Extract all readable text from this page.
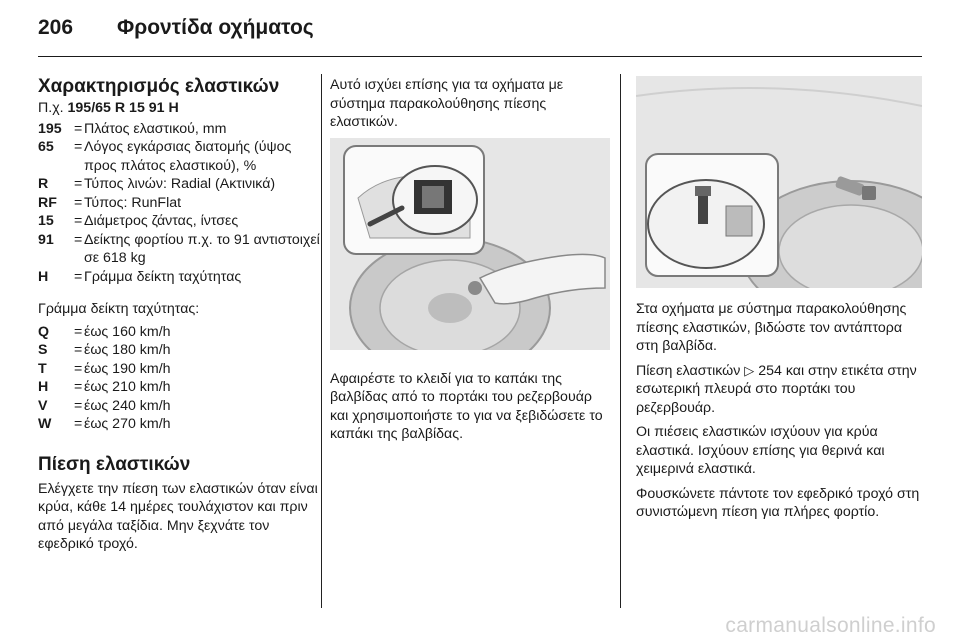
206	Φροντίδα οχήματος
Χαρακτηρισμός ελαστικών
Π.χ. 195/65 R 15 91 H
195 = Πλάτος ελαστικού, mm
65	= Λόγος εγκάρσιας διατομής (ύψος προς πλάτος ελαστικού), %
R	= Τύπος λινών: Radial (Ακτινικά)
RF	= Τύπος: RunFlat
15	= Διάμετρος ζάντας, ίντσες
91	= Δείκτης φορτίου π.χ. το 91 αντιστοιχεί σε 618 kg
H	= Γράμμα δείκτη ταχύτητας
Γράμμα δείκτη ταχύτητας:
Q	= έως 160 km/h
S	= έως 180 km/h
T	= έως 190 km/h
H	= έως 210 km/h
V	= έως 240 km/h
W	= έως 270 km/h
Πίεση ελαστικών
Ελέγχετε την πίεση των ελαστικών όταν είναι κρύα, κάθε 14 ημέρες τουλάχιστον και πριν από μεγάλα ταξίδια. Μην ξεχνάτε τον εφεδρικό τροχό.
Αυτό ισχύει επίσης για τα οχήματα με σύστημα παρακολούθησης πίεσης ελαστικών.
Αφαιρέστε το κλειδί για το καπάκι της βαλβίδας από το πορτάκι του ρεζερβουάρ και χρησιμοποιήστε το για να ξεβιδώσετε το καπάκι της βαλβίδας.
Στα οχήματα με σύστημα παρακολούθησης πίεσης ελαστικών, βιδώστε τον αντάπτορα στη βαλβίδα.
Πίεση ελαστικών ▷ 254 και στην ετικέτα στην εσωτερική πλευρά στο πορτάκι του ρεζερβουάρ.
Οι πιέσεις ελαστικών ισχύουν για κρύα ελαστικά. Ισχύουν επίσης για θερινά και χειμερινά ελαστικά.
Φουσκώνετε πάντοτε τον εφεδρικό τροχό στη συνιστώμενη πίεση για πλήρες φορτίο.
carmanualsonline.info
